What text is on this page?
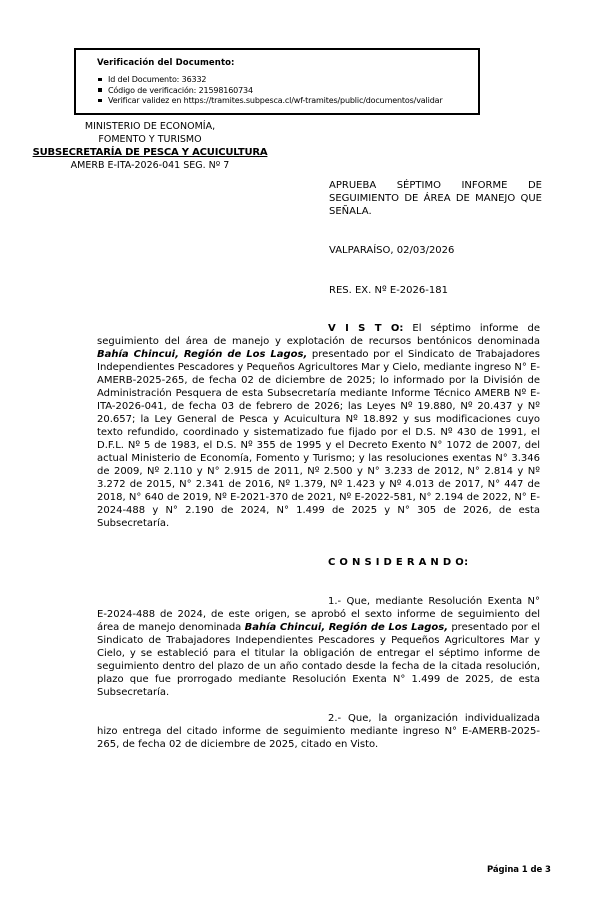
Verificación del Documento:
Id del Documento: 36332
Código de verificación: 21598160734
Verificar validez en https://tramites.subpesca.cl/wf-tramites/public/documentos/validar
MINISTERIO DE ECONOMÍA,
FOMENTO Y TURISMO
SUBSECRETARÍA DE PESCA Y ACUICULTURA
AMERB E-ITA-2026-041 SEG. Nº 7
APRUEBA SÉPTIMO INFORME DE SEGUIMIENTO DE ÁREA DE MANEJO QUE SEÑALA.
VALPARAÍSO, 02/03/2026
RES. EX. Nº E-2026-181

V I S T O: El séptimo informe de seguimiento del área de manejo y explotación de recursos bentónicos denominada Bahía Chincui, Región de Los Lagos, presentado por el Sindicato de Trabajadores Independientes Pescadores y Pequeños Agricultores Mar y Cielo, mediante ingreso N° E-AMERB-2025-265, de fecha 02 de diciembre de 2025; lo informado por la División de Administración Pesquera de esta Subsecretaría mediante Informe Técnico AMERB Nº E-ITA-2026-041, de fecha 03 de febrero de 2026; las Leyes Nº 19.880, Nº 20.437 y Nº 20.657; la Ley General de Pesca y Acuicultura Nº 18.892 y sus modificaciones cuyo texto refundido, coordinado y sistematizado fue fijado por el D.S. Nº 430 de 1991, el D.F.L. Nº 5 de 1983, el D.S. Nº 355 de 1995 y el Decreto Exento N° 1072 de 2007, del actual Ministerio de Economía, Fomento y Turismo; y las resoluciones exentas N° 3.346 de 2009, Nº 2.110 y N° 2.915 de 2011, Nº 2.500 y N° 3.233 de 2012, N° 2.814 y Nº 3.272 de 2015, N° 2.341 de 2016, Nº 1.379, Nº 1.423 y Nº 4.013 de 2017, N° 447 de 2018, N° 640 de 2019, Nº E-2021-370 de 2021, Nº E-2022-581, N° 2.194 de 2022, N° E-2024-488 y N° 2.190 de 2024, N° 1.499 de 2025 y N° 305 de 2026, de esta Subsecretaría.

C O N S I D E R A N D O:

1.- Que, mediante Resolución Exenta N° E-2024-488 de 2024, de este origen, se aprobó el sexto informe de seguimiento del área de manejo denominada Bahía Chincui, Región de Los Lagos, presentado por el Sindicato de Trabajadores Independientes Pescadores y Pequeños Agricultores Mar y Cielo, y se estableció para el titular la obligación de entregar el séptimo informe de seguimiento dentro del plazo de un año contado desde la fecha de la citada resolución, plazo que fue prorrogado mediante Resolución Exenta N° 1.499 de 2025, de esta Subsecretaría.

2.- Que, la organización individualizada hizo entrega del citado informe de seguimiento mediante ingreso N° E-AMERB-2025-265, de fecha 02 de diciembre de 2025, citado en Visto.

Página 1 de 3
